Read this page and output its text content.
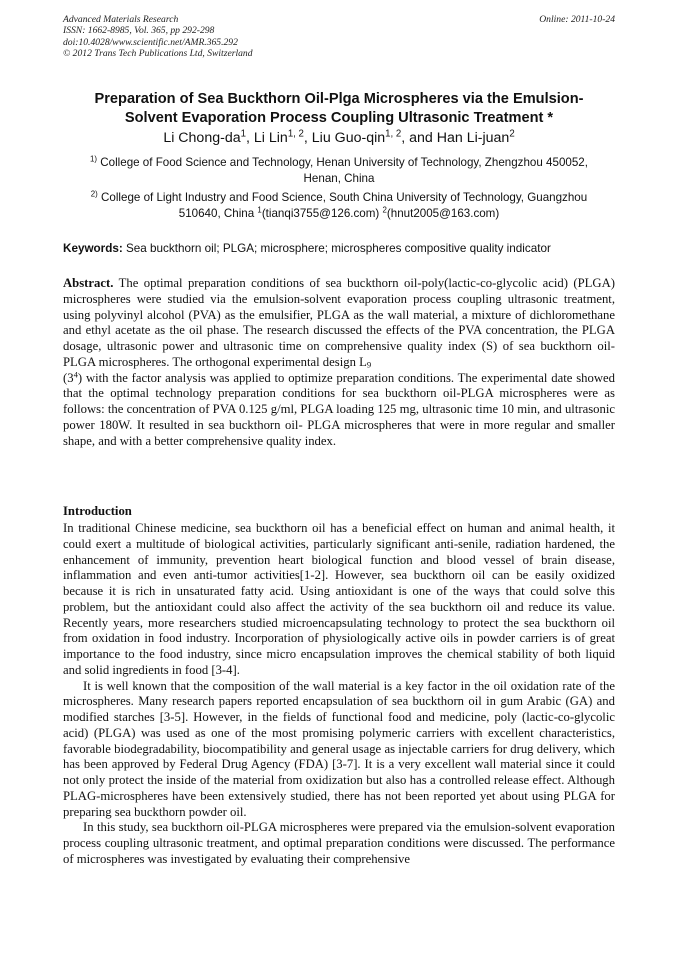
Advanced Materials Research
ISSN: 1662-8985, Vol. 365, pp 292-298
doi:10.4028/www.scientific.net/AMR.365.292
© 2012 Trans Tech Publications Ltd, Switzerland
Online: 2011-10-24
Preparation of Sea Buckthorn Oil-Plga Microspheres via the Emulsion-
Solvent Evaporation Process Coupling Ultrasonic Treatment *
Li Chong-$da^1$, Li Lin$^{1, 2}$, Liu Guo-qin$^{1, 2}$, and Han Li-juan$^2$
$^{1)}$ College of Food Science and Technology, Henan University of Technology, Zhengzhou 450052,
Henan, China
$^{2)}$ College of Light Industry and Food Science, South China University of Technology, Guangzhou
510640, China $^1$(tianqi3755@126.com) $^2$(hnut2005@163.com)
Keywords: Sea buckthorn oil; PLGA; microsphere; microspheres compositive quality indicator
Abstract. The optimal preparation conditions of sea buckthorn oil-poly(lactic-co-glycolic acid) (PLGA) microspheres were studied via the emulsion-solvent evaporation process coupling ultrasonic treatment, using polyvinyl alcohol (PVA) as the emulsifier, PLGA as the wall material, a mixture of dichloromethane and ethyl acetate as the oil phase. The research discussed the effects of the PVA concentration, the PLGA dosage, ultrasonic power and ultrasonic time on comprehensive quality index (S) of sea buckthorn oil-PLGA microspheres. The orthogonal experimental design $L_9$
$(3^4)$ with the factor analysis was applied to optimize preparation conditions. The experimental date showed that the optimal technology preparation conditions for sea buckthorn oil-PLGA microspheres were as follows: the concentration of PVA 0.125 g/ml, PLGA loading 125 mg, ultrasonic time 10 min, and ultrasonic power 180W. It resulted in sea buckthorn oil- PLGA microspheres that were in more regular and smaller shape, and with a better comprehensive quality index.
Introduction

In traditional Chinese medicine, sea buckthorn oil has a beneficial effect on human and animal health, it could exert a multitude of biological activities, particularly significant anti-senile, radiation hardened, the enhancement of immunity, prevention heart biological function and blood vessel of brain disease, inflammation and even anti-tumor activities[1-2]. However, sea buckthorn oil can be easily oxidized because it is rich in unsaturated fatty acid. Using antioxidant is one of the ways that could solve this problem, but the antioxidant could also affect the activity of the sea buckthorn oil and reduce its value. Recently years, more researchers studied microencapsulating technology to protect the sea buckthorn oil from oxidation in food industry. Incorporation of physiologically active oils in powder carriers is of great importance to the food industry, since micro encapsulation improves the chemical stability of both liquid and solid ingredients in food [3-4].

It is well known that the composition of the wall material is a key factor in the oil oxidation rate of the microspheres. Many research papers reported encapsulation of sea buckthorn oil in gum Arabic (GA) and modified starches [3-5]. However, in the fields of functional food and medicine, poly (lactic-co-glycolic acid) (PLGA) was used as one of the most promising polymeric carriers with excellent characteristics, favorable biodegradability, biocompatibility and general usage as injectable carriers for drug delivery, which has been approved by Federal Drug Agency (FDA) [3-7]. It is a very excellent wall material since it could not only protect the inside of the material from oxidization but also has a controlled release effect. Although PLAG-microspheres have been extensively studied, there has not been reported yet about using PLGA for preparing sea buckthorn powder oil.

In this study, sea buckthorn oil-PLGA microspheres were prepared via the emulsion-solvent evaporation process coupling ultrasonic treatment, and optimal preparation conditions were discussed. The performance of microspheres was investigated by evaluating their comprehensive
